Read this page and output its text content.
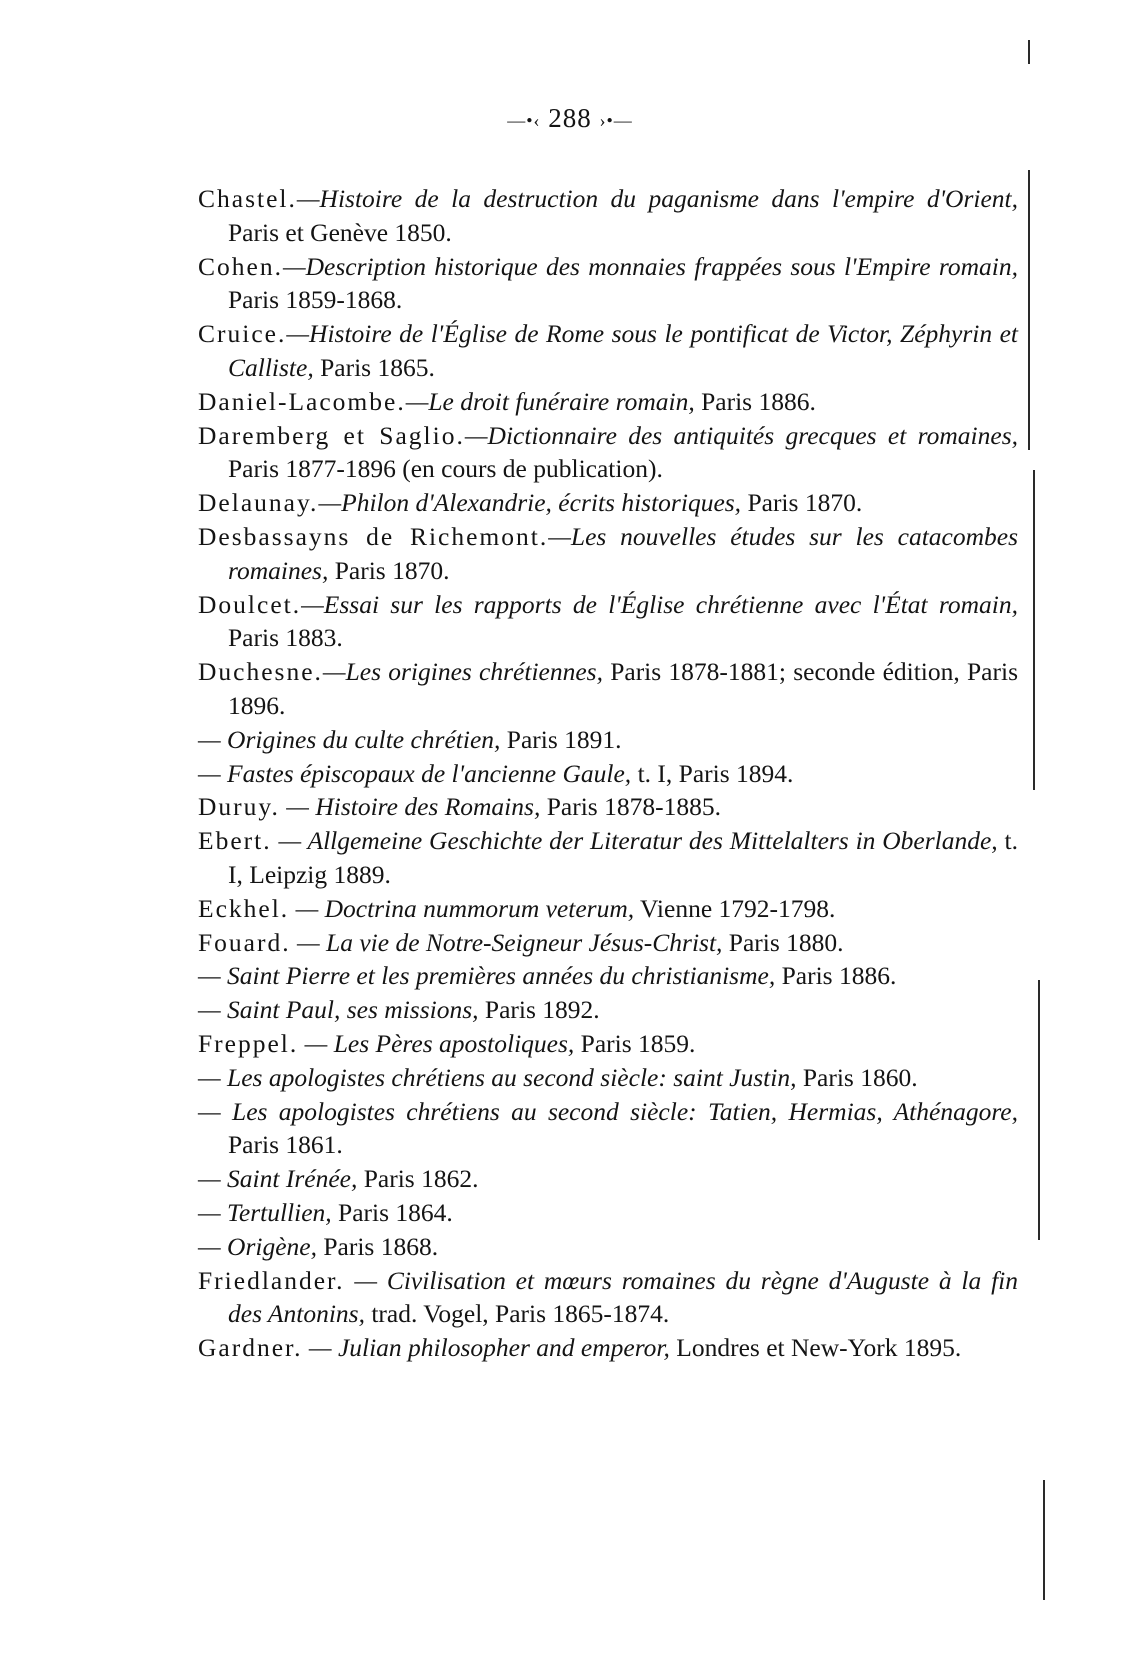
—•‹ 288 ›•—
Chastel.—Histoire de la destruction du paganisme dans l'empire d'Orient, Paris et Genève 1850.
Cohen.—Description historique des monnaies frappées sous l'Empire romain, Paris 1859-1868.
Cruice.—Histoire de l'Église de Rome sous le pontificat de Victor, Zéphyrin et Calliste, Paris 1865.
Daniel-Lacombe.—Le droit funéraire romain, Paris 1886.
Daremberg et Saglio.—Dictionnaire des antiquités grecques et romaines, Paris 1877-1896 (en cours de publication).
Delaunay.—Philon d'Alexandrie, écrits historiques, Paris 1870.
Desbassayns de Richemont.—Les nouvelles études sur les catacombes romaines, Paris 1870.
Doulcet.—Essai sur les rapports de l'Église chrétienne avec l'État romain, Paris 1883.
Duchesne.—Les origines chrétiennes, Paris 1878-1881; seconde édition, Paris 1896.
— Origines du culte chrétien, Paris 1891.
— Fastes épiscopaux de l'ancienne Gaule, t. I, Paris 1894.
Duruy. — Histoire des Romains, Paris 1878-1885.
Ebert. — Allgemeine Geschichte der Literatur des Mittelalters in Oberlande, t. I, Leipzig 1889.
Eckhel. — Doctrina nummorum veterum, Vienne 1792-1798.
Fouard. — La vie de Notre-Seigneur Jésus-Christ, Paris 1880.
— Saint Pierre et les premières années du christianisme, Paris 1886.
— Saint Paul, ses missions, Paris 1892.
Freppel. — Les Pères apostoliques, Paris 1859.
— Les apologistes chrétiens au second siècle: saint Justin, Paris 1860.
— Les apologistes chrétiens au second siècle: Tatien, Hermias, Athénagore, Paris 1861.
— Saint Irénée, Paris 1862.
— Tertullien, Paris 1864.
— Origène, Paris 1868.
Friedlander. — Civilisation et mœurs romaines du règne d'Auguste à la fin des Antonins, trad. Vogel, Paris 1865-1874.
Gardner. — Julian philosopher and emperor, Londres et New-York 1895.
